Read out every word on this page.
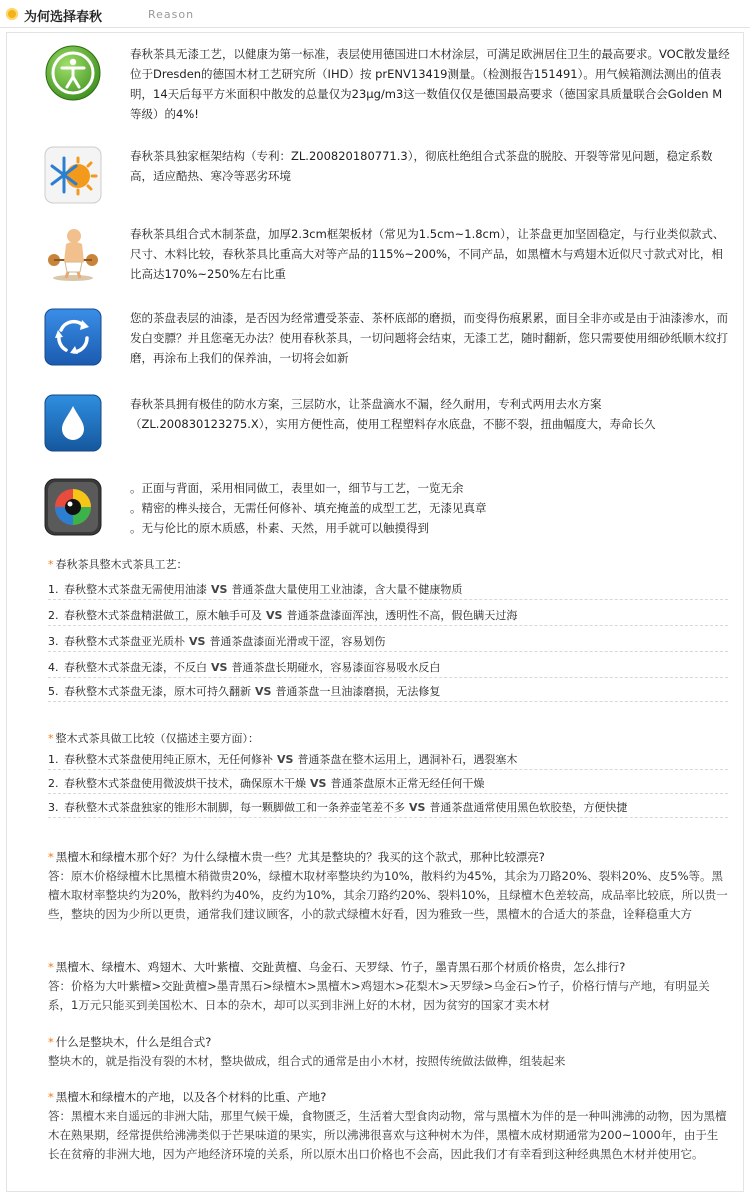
为何选择春秋	Reason
春秋茶具无漆工艺，以健康为第一标准，表层使用德国进口木材涂层，可满足欧洲居住卫生的最高要求。VOC散发量经位于Dresden的德国木材工艺研究所（IHD）按 prENV13419测量。（检测报告151491）。用气候箱测法测出的值表明，14天后每平方米面积中散发的总量仅为23μg/m3这一数值仅仅是德国最高要求（德国家具质量联合会Golden M等级）的4%!
春秋茶具独家框架结构（专利：ZL.200820180771.3），彻底杜绝组合式茶盘的脱胶、开裂等常见问题，稳定系数高，适应酷热、寒冷等恶劣环境
春秋茶具组合式木制茶盘，加厚2.3cm框架板材（常见为1.5cm~1.8cm），让茶盘更加坚固稳定，与行业类似款式、尺寸、木料比较，春秋茶具比重高大对等产品的115%~200%，不同产品，如黑檀木与鸡翅木近似尺寸款式对比，相比高达170%~250%左右比重
您的茶盘表层的油漆，是否因为经常遭受茶壶、茶杯底部的磨损，而变得伤痕累累，面目全非亦或是由于油漆渗水，而发白变膘？并且您毫无办法？使用春秋茶具，一切问题将会结束，无漆工艺，随时翻新，您只需要使用细砂纸顺木纹打磨，再涂布上我们的保养油，一切将会如新
春秋茶具拥有极佳的防水方案，三层防水，让茶盘滴水不漏，经久耐用，专利式两用去水方案（ZL.200830123275.X），实用方便性高，使用工程塑料存水底盘，不膨不裂，扭曲幅度大，寿命长久
。正面与背面，采用相同做工，表里如一，细节与工艺，一览无余
。精密的榫头接合，无需任何修补、填充掩盖的成型工艺，无漆见真章
。无与伦比的原木质感，朴素、天然，用手就可以触摸得到
* 春秋茶具整木式茶具工艺：
1. 春秋整木式茶盘无需使用油漆 VS 普通茶盘大量使用工业油漆，含大量不健康物质
2. 春秋整木式茶盘精湛做工，原木触手可及 VS 普通茶盘漆面浑浊，透明性不高，假色瞒天过海
3. 春秋整木式茶盘亚光质朴 VS 普通茶盘漆面光滑或干涩，容易划伤
4. 春秋整木式茶盘无漆，不反白 VS 普通茶盘长期碰水，容易漆面容易吸水反白
5. 春秋整木式茶盘无漆，原木可持久翻新 VS 普通茶盘一旦油漆磨损，无法修复
* 整木式茶具做工比较（仅描述主要方面）：
1. 春秋整木式茶盘使用纯正原木，无任何修补 VS 普通茶盘在整木运用上，遇洞补石，遇裂塞木
2. 春秋整木式茶盘使用微波烘干技术，确保原木干燥 VS 普通茶盘原木正常无经任何干燥
3. 春秋整木式茶盘独家的锥形木制脚，每一颗脚做工和一条养壶笔差不多 VS 普通茶盘通常使用黑色软胶垫，方便快捷
* 黑檀木和绿檀木那个好？为什么绿檀木贵一些？尤其是整块的？我买的这个款式，那种比较漂亮?
答：原木价格绿檀木比黑檀木稍微贵20%，绿檀木取材率整块约为10%，散料约为45%，其余为刀路20%、裂料20%、皮5%等。黑檀木取材率整块约为20%，散料约为40%，皮约为10%，其余刀路约20%、裂料10%，且绿檀木色差较高，成品率比较底，所以贵一些，整块的因为少所以更贵，通常我们建议顾客，小的款式绿檀木好看，因为雅致一些，黑檀木的合适大的茶盘，诠释稳重大方
* 黑檀木、绿檀木、鸡翅木、大叶紫檀、交趾黄檀、乌金石、天罗绿、竹子，墨青黑石那个材质价格贵，怎么排行?
答：价格为大叶紫檀>交趾黄檀>墨青黑石>绿檀木>黑檀木>鸡翅木>花梨木>天罗绿>乌金石>竹子，价格行情与产地，有明显关系，1万元只能买到美国松木、日本的杂木，却可以买到非洲上好的木材，因为贫穷的国家才卖木材
* 什么是整块木，什么是组合式?
整块木的，就是指没有裂的木材，整块做成，组合式的通常是由小木材，按照传统做法做榫，组装起来
* 黑檀木和绿檀木的产地，以及各个材料的比重、产地?
答：黑檀木来自遥远的非洲大陆，那里气候干燥，食物匮乏，生活着大型食肉动物，常与黑檀木为伴的是一种叫沸沸的动物，因为黑檀木在熟果期，经常提供给沸沸类似于芒果味道的果实，所以沸沸很喜欢与这种树木为伴，黑檀木成材期通常为200~1000年，由于生长在贫瘠的非洲大地，因为产地经济环境的关系，所以原木出口价格也不会高，因此我们才有幸看到这种经典黑色木材并使用它。
